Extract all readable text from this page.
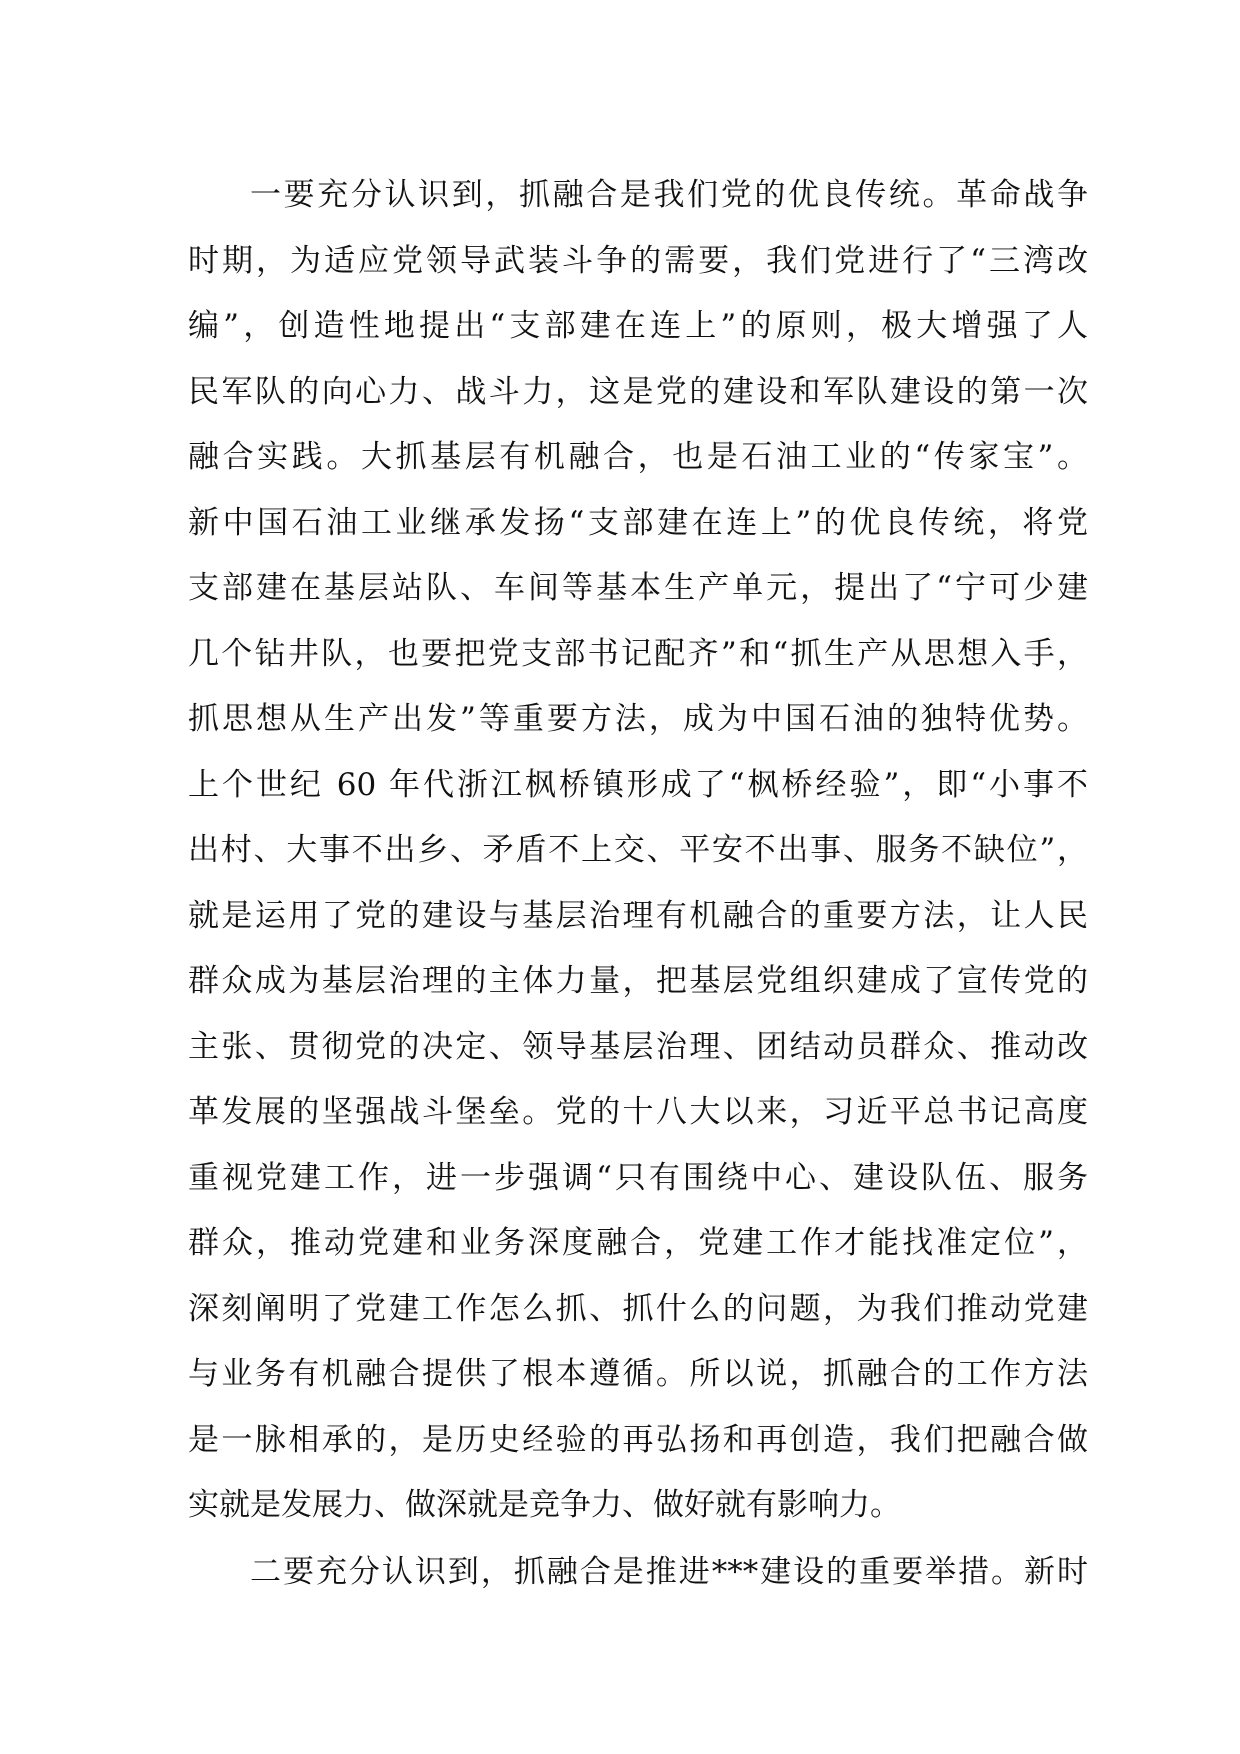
一要充分认识到，抓融合是我们党的优良传统。革命战争
时期，为适应党领导武装斗争的需要，我们党进行了“三湾改
编”，创造性地提出“支部建在连上”的原则，极大增强了人
民军队的向心力、战斗力，这是党的建设和军队建设的第一次
融合实践。大抓基层有机融合，也是石油工业的“传家宝”。
新中国石油工业继承发扬“支部建在连上”的优良传统，将党
支部建在基层站队、车间等基本生产单元，提出了“宁可少建
几个钻井队，也要把党支部书记配齐”和“抓生产从思想入手，
抓思想从生产出发”等重要方法，成为中国石油的独特优势。
上个世纪 60 年代浙江枫桥镇形成了“枫桥经验”，即“小事不
出村、大事不出乡、矛盾不上交、平安不出事、服务不缺位”，
就是运用了党的建设与基层治理有机融合的重要方法，让人民
群众成为基层治理的主体力量，把基层党组织建成了宣传党的
主张、贯彻党的决定、领导基层治理、团结动员群众、推动改
革发展的坚强战斗堡垒。党的十八大以来，习近平总书记高度
重视党建工作，进一步强调“只有围绕中心、建设队伍、服务
群众，推动党建和业务深度融合，党建工作才能找准定位”，
深刻阐明了党建工作怎么抓、抓什么的问题，为我们推动党建
与业务有机融合提供了根本遵循。所以说，抓融合的工作方法
是一脉相承的，是历史经验的再弘扬和再创造，我们把融合做
实就是发展力、做深就是竞争力、做好就有影响力。
二要充分认识到，抓融合是推进***建设的重要举措。新时
